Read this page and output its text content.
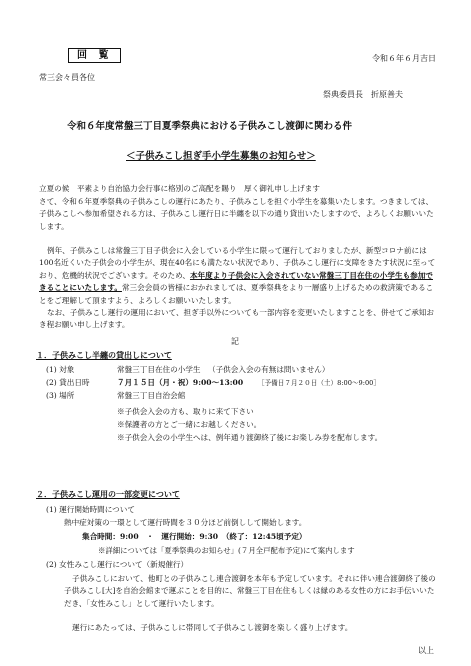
回 覧	令和６年６月吉日
常三会々員各位
祭典委員長　折原善夫
令和６年度常盤三丁目夏季祭典における子供みこし渡御に関わる件
＜子供みこし担ぎ手小学生募集のお知らせ＞
立夏の候　平素より自治協力会行事に格別のご高配を賜り　厚く御礼申し上げます
さて、令和６年夏季祭典の子供みこしの運行にあたり、子供みこしを担ぐ小学生を募集いたします。つきましては、子供みこしへ参加希望される方は、子供みこし運行日に半纏を以下の通り貸出いたしますので、よろしくお願いいたします。
例年、子供みこしは常盤三丁目子供会に入会している小学生に限って運行しておりましたが、新型コロナ前には100名近くいた子供会の小学生が、現在40名にも満たない状況であり、子供みこし運行に支障をきたす状況に至っており、危機的状況でございます。そのため、本年度より子供会に入会されていない常盤三丁目在住の小学生も参加できることにいたします。常三会会員の皆様におかれましては、夏季祭典をより一層盛り上げるための救済策であることをご理解して頂ますよう、よろしくお願いいたします。
なお、子供みこし運行の運用において、担ぎ手以外についても一部内容を変更いたしますことを、併せてご承知おき程お願い申し上げます。
記
１．子供みこし半纏の貸出しについて
(1) 対象	常盤三丁目在住の小学生 （子供会入会の有無は問いません）
(2) 貸出日時	７月１５日（月・祝）9:00～13:00 ［予備日７月２０日（土）8:00～9:00］
(3) 場所	常盤三丁目自治会館
※子供会入会の方も、取りに来て下さい
※保護者の方とご一緒にお越しください。
※子供会入会の小学生へは、例年通り渡御終了後にお楽しみ券を配布します。
２．子供みこし運用の一部変更について
(1) 運行開始時間について
熱中症対策の一環として運行時間を３０分ほど前倒しして開始します。
集合時間：9:00　・　運行開始：9:30　（終了：12:45頃予定）
※詳細については「夏季祭典のお知らせ」(７月全戸配布予定)にて案内します
(2) 女性みこし運行について（新規催行）
子供みこしにおいて、他町との子供みこし連合渡御を本年も予定しています。それに伴い連合渡御終了後の子供みこし[大]を自治会館まで運ぶことを目的に、常盤三丁目在住もしくは縁のある女性の方にお手伝いいただき、「女性みこし」として運行いたします。
運行にあたっては、子供みこしに帯同して子供みこし渡御を楽しく盛り上げます。
以上
